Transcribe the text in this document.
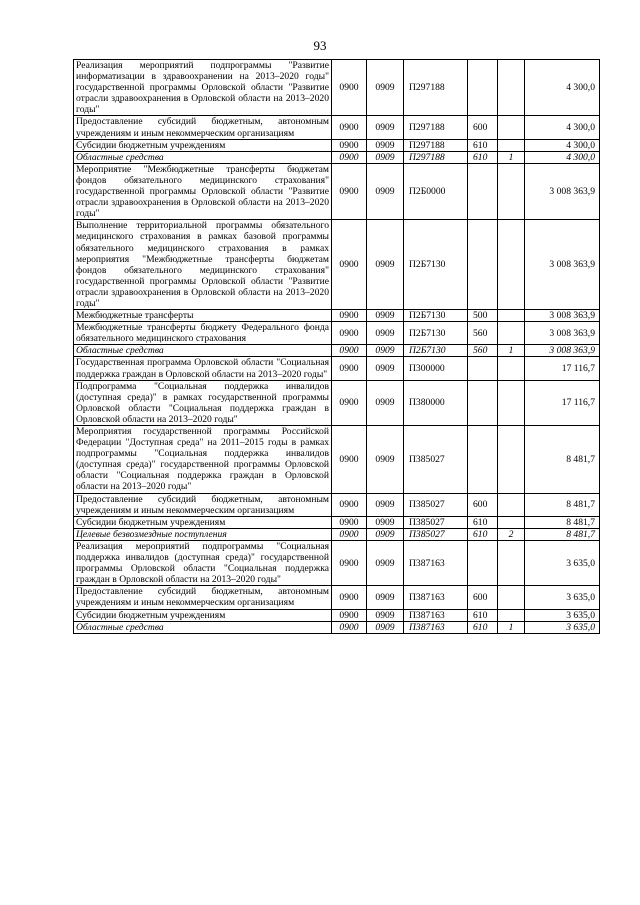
93
Реализация мероприятий подпрограммы "Развитие информатизации в здравоохранении на 2013–2020 годы" государственной программы Орловской области "Развитие отрасли здравоохранения в Орловской области на 2013–2020 годы"	0900	0909	П297188			4 300,0
Предоставление субсидий бюджетным, автономным учреждениям и иным некоммерческим организациям	0900	0909	П297188	600		4 300,0
Субсидии бюджетным учреждениям	0900	0909	П297188	610		4 300,0
Областные средства	0900	0909	П297188	610	1	4 300,0
Мероприятие "Межбюджетные трансферты бюджетам фондов обязательного медицинского страхования" государственной программы Орловской области "Развитие отрасли здравоохранения в Орловской области на 2013–2020 годы"	0900	0909	П2Б0000			3 008 363,9
Выполнение территориальной программы обязательного медицинского страхования в рамках базовой программы обязательного медицинского страхования в рамках мероприятия "Межбюджетные трансферты бюджетам фондов обязательного медицинского страхования" государственной программы Орловской области "Развитие отрасли здравоохранения в Орловской области на 2013–2020 годы"	0900	0909	П2Б7130			3 008 363,9
Межбюджетные трансферты	0900	0909	П2Б7130	500		3 008 363,9
Межбюджетные трансферты бюджету Федерального фонда обязательного медицинского страхования	0900	0909	П2Б7130	560		3 008 363,9
Областные средства	0900	0909	П2Б7130	560	1	3 008 363,9
Государственная программа Орловской области "Социальная поддержка граждан в Орловской области на 2013–2020 годы"	0900	0909	П300000			17 116,7
Подпрограмма "Социальная поддержка инвалидов (доступная среда)" в рамках государственной программы Орловской области "Социальная поддержка граждан в Орловской области на 2013–2020 годы"	0900	0909	П380000			17 116,7
Мероприятия государственной программы Российской Федерации "Доступная среда" на 2011–2015 годы в рамках подпрограммы "Социальная поддержка инвалидов (доступная среда)" государственной программы Орловской области "Социальная поддержка граждан в Орловской области на 2013–2020 годы"	0900	0909	П385027			8 481,7
Предоставление субсидий бюджетным, автономным учреждениям и иным некоммерческим организациям	0900	0909	П385027	600		8 481,7
Субсидии бюджетным учреждениям	0900	0909	П385027	610		8 481,7
Целевые безвозмездные поступления	0900	0909	П385027	610	2	8 481,7
Реализация мероприятий подпрограммы "Социальная поддержка инвалидов (доступная среда)" государственной программы Орловской области "Социальная поддержка граждан в Орловской области на 2013–2020 годы"	0900	0909	П387163			3 635,0
Предоставление субсидий бюджетным, автономным учреждениям и иным некоммерческим организациям	0900	0909	П387163	600		3 635,0
Субсидии бюджетным учреждениям	0900	0909	П387163	610		3 635,0
Областные средства	0900	0909	П387163	610	1	3 635,0
